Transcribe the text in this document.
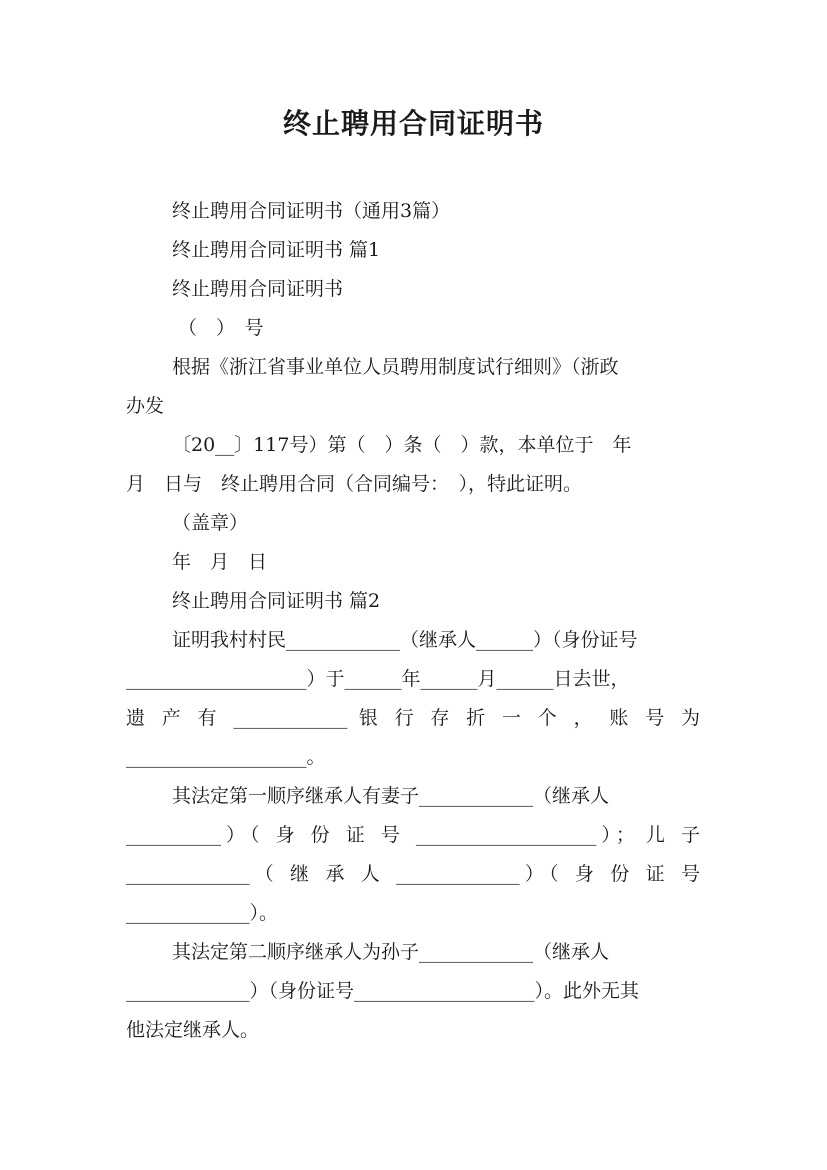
终止聘用合同证明书
终止聘用合同证明书（通用3篇）
终止聘用合同证明书 篇1
终止聘用合同证明书
（　）　号
根据《浙江省事业单位人员聘用制度试行细则》（浙政
办发
〔20__〕117号）第（　）条（　）款，本单位于　年
月　日与　终止聘用合同（合同编号：　），特此证明。
（盖章）
年　月　日
终止聘用合同证明书 篇2
证明我村村民____________（继承人______）（身份证号
___________________）于______年______月______日去世，
遗 产 有 ____________ 银 行 存 折 一 个 ， 账 号 为
___________________。
其法定第一顺序继承人有妻子____________（继承人
__________）（ 身 份 证 号 ___________________）； 儿 子
_____________（ 继 承 人 _____________）（ 身 份 证 号
_____________）。
其法定第二顺序继承人为孙子____________（继承人
_____________）（身份证号___________________）。此外无其
他法定继承人。
